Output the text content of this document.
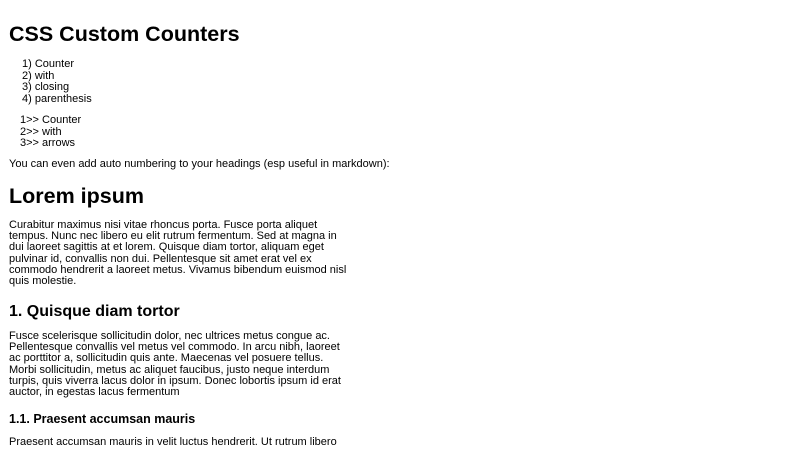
CSS Custom Counters
1) Counter
2) with
3) closing
4) parenthesis
1>> Counter
2>> with
3>> arrows

You can even add auto numbering to your headings (esp useful in markdown):

Lorem ipsum

Curabitur maximus nisi vitae rhoncus porta. Fusce porta aliquet
tempus. Nunc nec libero eu elit rutrum fermentum. Sed at magna in
dui laoreet sagittis at et lorem. Quisque diam tortor, aliquam eget
pulvinar id, convallis non dui. Pellentesque sit amet erat vel ex
commodo hendrerit a laoreet metus. Vivamus bibendum euismod nisl
quis molestie.

1. Quisque diam tortor

Fusce scelerisque sollicitudin dolor, nec ultrices metus congue ac.
Pellentesque convallis vel metus vel commodo. In arcu nibh, laoreet
ac porttitor a, sollicitudin quis ante. Maecenas vel posuere tellus.
Morbi sollicitudin, metus ac aliquet faucibus, justo neque interdum
turpis, quis viverra lacus dolor in ipsum. Donec lobortis ipsum id erat
auctor, in egestas lacus fermentum

1.1. Praesent accumsan mauris

Praesent accumsan mauris in velit luctus hendrerit. Ut rutrum libero
